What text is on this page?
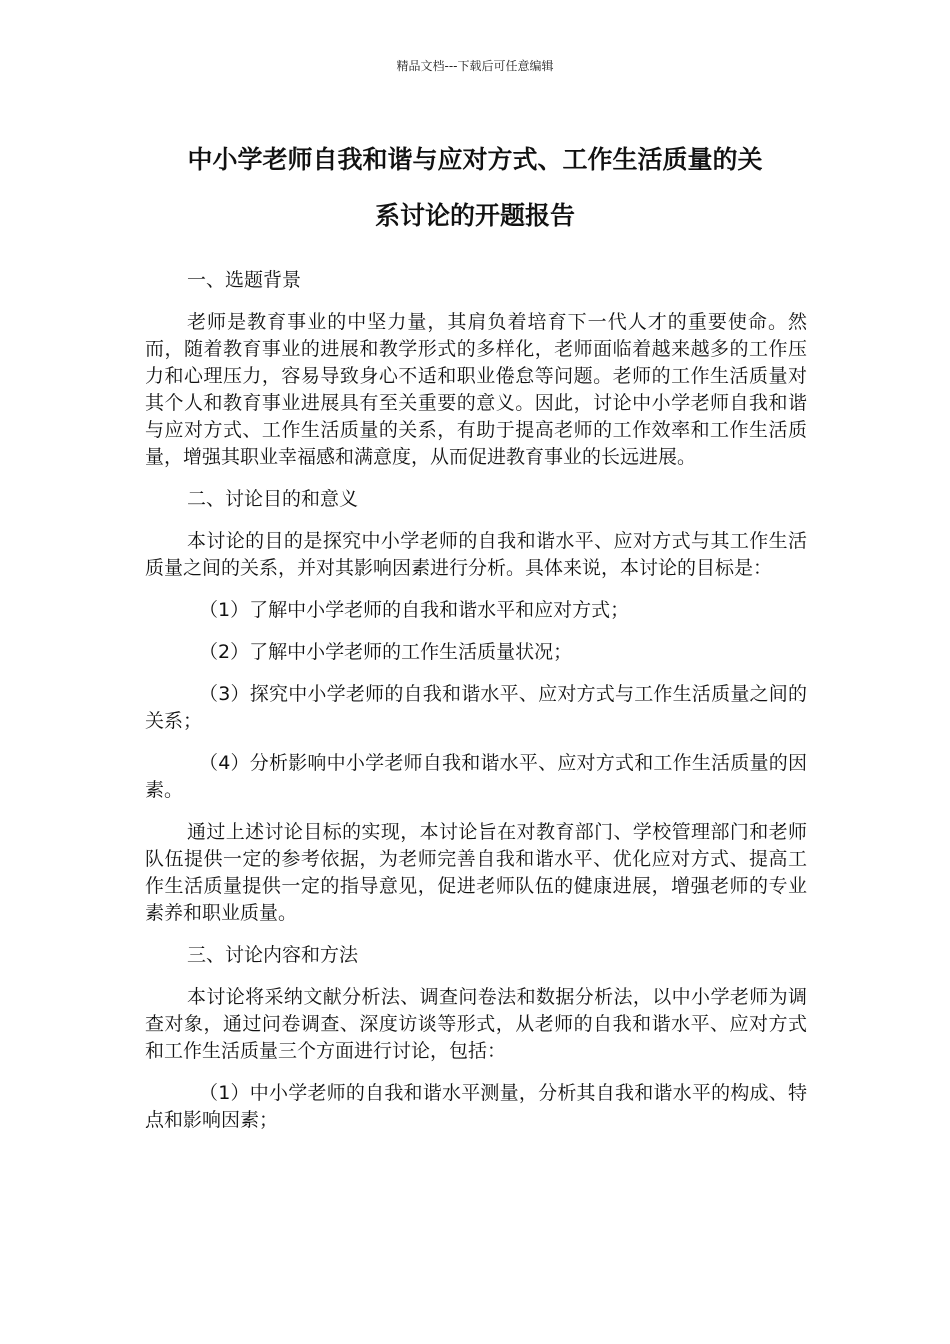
精品文档---下载后可任意编辑
中小学老师自我和谐与应对方式、工作生活质量的关
系讨论的开题报告

一、选题背景

老师是教育事业的中坚力量，其肩负着培育下一代人才的重要使命。然而，随着教育事业的进展和教学形式的多样化，老师面临着越来越多的工作压力和心理压力，容易导致身心不适和职业倦怠等问题。老师的工作生活质量对其个人和教育事业进展具有至关重要的意义。因此，讨论中小学老师自我和谐与应对方式、工作生活质量的关系，有助于提高老师的工作效率和工作生活质量，增强其职业幸福感和满意度，从而促进教育事业的长远进展。

二、讨论目的和意义

本讨论的目的是探究中小学老师的自我和谐水平、应对方式与其工作生活质量之间的关系，并对其影响因素进行分析。具体来说，本讨论的目标是：

（1）了解中小学老师的自我和谐水平和应对方式；

（2）了解中小学老师的工作生活质量状况；

（3）探究中小学老师的自我和谐水平、应对方式与工作生活质量之间的关系；

（4）分析影响中小学老师自我和谐水平、应对方式和工作生活质量的因素。

通过上述讨论目标的实现，本讨论旨在对教育部门、学校管理部门和老师队伍提供一定的参考依据，为老师完善自我和谐水平、优化应对方式、提高工作生活质量提供一定的指导意见，促进老师队伍的健康进展，增强老师的专业素养和职业质量。

三、讨论内容和方法

本讨论将采纳文献分析法、调查问卷法和数据分析法，以中小学老师为调查对象，通过问卷调查、深度访谈等形式，从老师的自我和谐水平、应对方式和工作生活质量三个方面进行讨论，包括：

（1）中小学老师的自我和谐水平测量，分析其自我和谐水平的构成、特点和影响因素；
